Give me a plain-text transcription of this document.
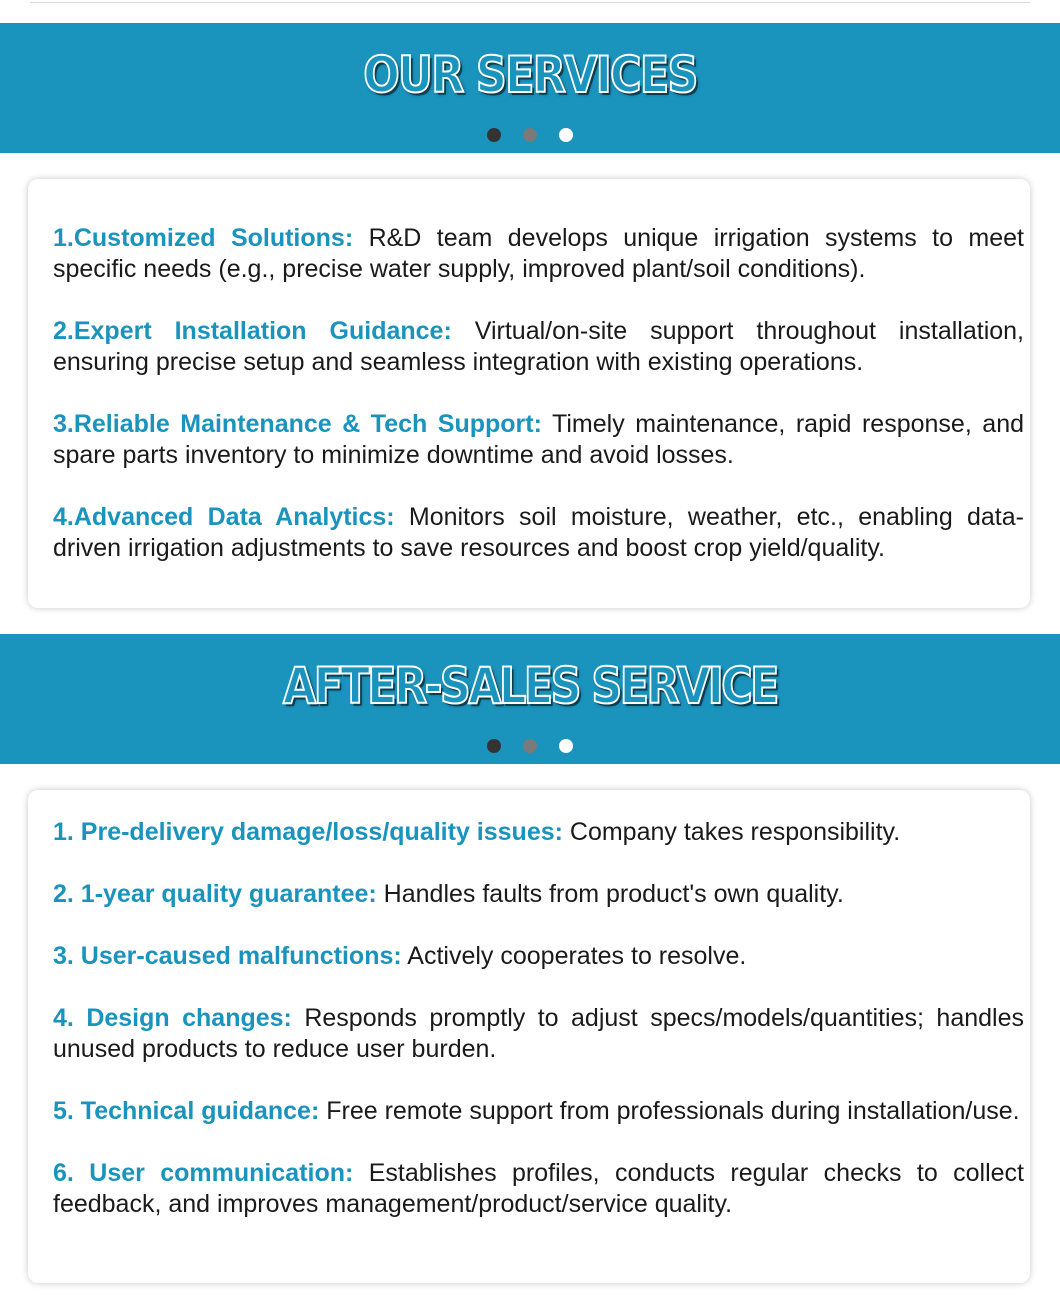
OUR SERVICES

1.Customized Solutions: R&D team develops unique irrigation systems to meet specific needs (e.g., precise water supply, improved plant/soil conditions).

2.Expert Installation Guidance: Virtual/on-site support throughout installation, ensuring precise setup and seamless integration with existing operations.

3.Reliable Maintenance & Tech Support: Timely maintenance, rapid response, and spare parts inventory to minimize downtime and avoid losses.

4.Advanced Data Analytics: Monitors soil moisture, weather, etc., enabling data-driven irrigation adjustments to save resources and boost crop yield/quality.

AFTER-SALES SERVICE

1. Pre-delivery damage/loss/quality issues: Company takes responsibility.

2. 1-year quality guarantee: Handles faults from product's own quality.

3. User-caused malfunctions: Actively cooperates to resolve.

4. Design changes: Responds promptly to adjust specs/models/quantities; handles unused products to reduce user burden.

5. Technical guidance: Free remote support from professionals during installation/use.

6. User communication: Establishes profiles, conducts regular checks to collect feedback, and improves management/product/service quality.
